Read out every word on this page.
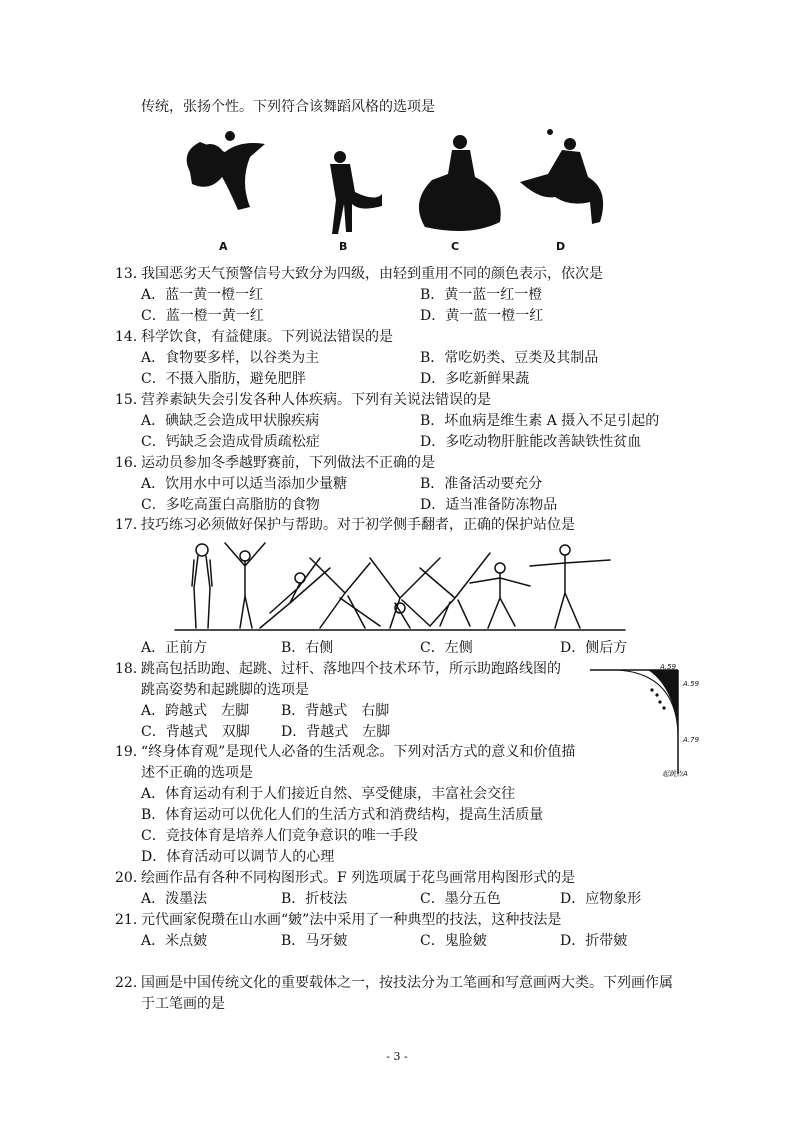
传统，张扬个性。下列符合该舞蹈风格的选项是
A	B	C	D
13．
我国恶劣天气预警信号大致分为四级，由轻到重用不同的颜色表示，依次是
A．蓝一黄一橙一红	B．黄一蓝一红一橙
C．蓝一橙一黄一红	D．黄一蓝一橙一红
14．
科学饮食，有益健康。下列说法错误的是
A．食物要多样，以谷类为主	B．常吃奶类、豆类及其制品
C．不摄入脂肪，避免肥胖	D．多吃新鲜果蔬
15．
营养素缺失会引发各种人体疾病。下列有关说法错误的是
A．碘缺乏会造成甲状腺疾病	B．坏血病是维生素 A 摄入不足引起的
C．钙缺乏会造成骨质疏松症	D．多吃动物肝脏能改善缺铁性贫血
16．
运动员参加冬季越野赛前，下列做法不正确的是
A．饮用水中可以适当添加少量糖	B．准备活动要充分
C．多吃高蛋白高脂肪的食物	D．适当准备防冻物品
17．
技巧练习必须做好保护与帮助。对于初学侧手翻者，正确的保护站位是
A．正前方	B．右侧	C．左侧	D．侧后方
18．
跳高包括助跑、起跳、过杆、落地四个技术环节，所示助跑路线图的
跳高姿势和起跳脚的选项是
A．跨越式　左脚 B．背越式　右脚
C．背越式　双脚 D．背越式　左脚
A.59
A.59
A.79
起跳点A
19．
“终身体育观”是现代人必备的生活观念。下列对活方式的意义和价值描
述不正确的选项是
A．体育运动有利于人们接近自然、享受健康，丰富社会交往
B．体育运动可以优化人们的生活方式和消费结构，提高生活质量
C．竞技体育是培养人们竞争意识的唯一手段
D．体育活动可以调节人的心理
20．
绘画作品有各种不同构图形式。F 列选项属于花鸟画常用构图形式的是
A．泼墨法	B．折枝法	C．墨分五色	D．应物象形
21．
元代画家倪瓒在山水画“皴”法中采用了一种典型的技法，这种技法是
A．米点皴	B．马牙皴	C．鬼脸皴	D．折带皴
22．
国画是中国传统文化的重要载体之一，按技法分为工笔画和写意画两大类。下列画作属
于工笔画的是
- 3 -
